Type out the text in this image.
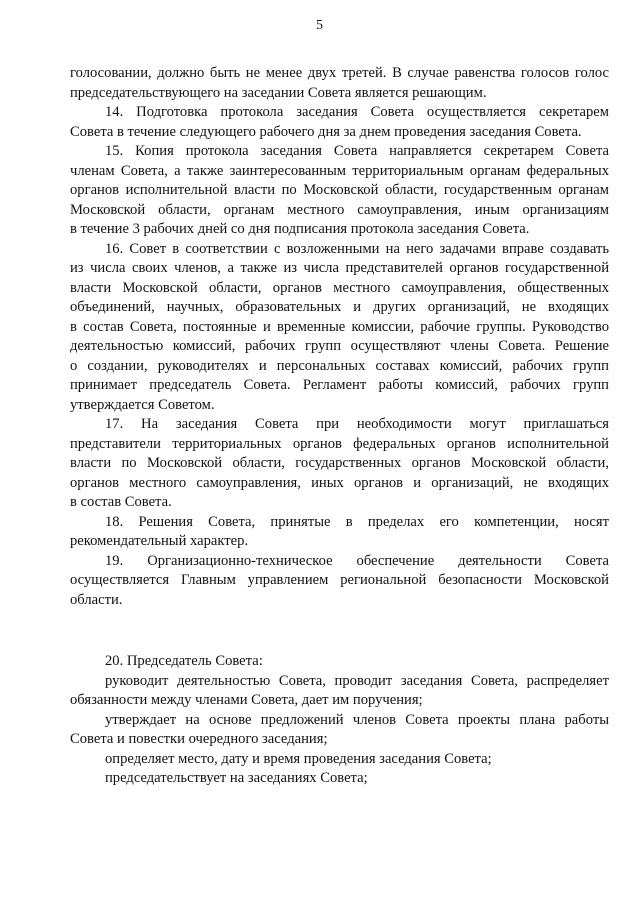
5

голосовании, должно быть не менее двух третей. В случае равенства голосов голос

председательствующего на заседании Совета является решающим.

14. Подготовка протокола заседания Совета осуществляется секретарем

Совета в течение следующего рабочего дня за днем проведения заседания Совета.

15. Копия протокола заседания Совета направляется секретарем Совета

членам Совета, а также заинтересованным территориальным органам федеральных

органов исполнительной власти по Московской области, государственным органам

Московской области, органам местного самоуправления, иным организациям

в течение 3 рабочих дней со дня подписания протокола заседания Совета.

16. Совет в соответствии с возложенными на него задачами вправе создавать

из числа своих членов, а также из числа представителей органов государственной

власти Московской области, органов местного самоуправления, общественных

объединений, научных, образовательных и других организаций, не входящих

в состав Совета, постоянные и временные комиссии, рабочие группы. Руководство

деятельностью комиссий, рабочих групп осуществляют члены Совета. Решение

о создании, руководителях и персональных составах комиссий, рабочих групп

принимает председатель Совета. Регламент работы комиссий, рабочих групп

утверждается Советом.

17. На заседания Совета при необходимости могут приглашаться

представители территориальных органов федеральных органов исполнительной

власти по Московской области, государственных органов Московской области,

органов местного самоуправления, иных органов и организаций, не входящих

в состав Совета.

18. Решения Совета, принятые в пределах его компетенции, носят

рекомендательный характер.

19. Организационно-техническое обеспечение деятельности Совета

осуществляется Главным управлением региональной безопасности Московской

области.

20. Председатель Совета:

руководит деятельностью Совета, проводит заседания Совета, распределяет

обязанности между членами Совета, дает им поручения;

утверждает на основе предложений членов Совета проекты плана работы

Совета и повестки очередного заседания;

определяет место, дату и время проведения заседания Совета;

председательствует на заседаниях Совета;
